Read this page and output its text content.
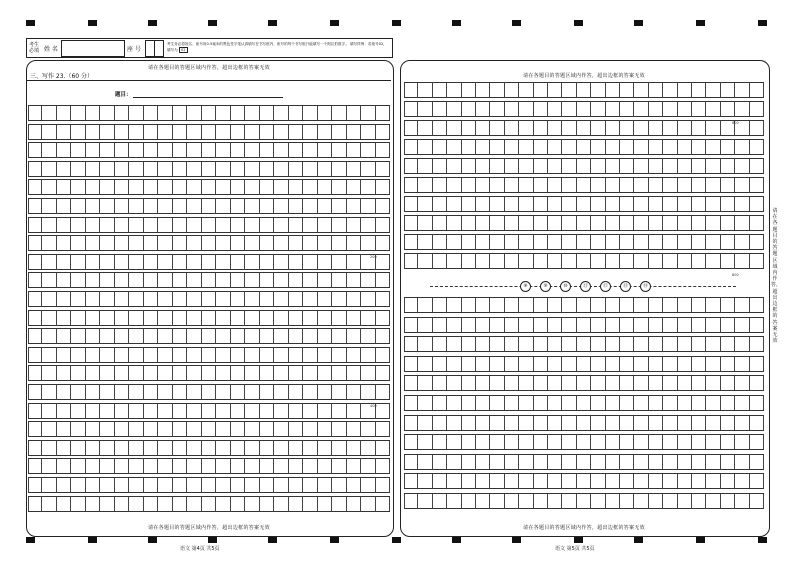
考生必填 姓 名	座 号
考生务必将姓名、座号用0.5毫米的黑色签字笔认真填写在书写框内，座号的每个书写框只能填写一个阿拉伯数字。 填写样例：若座号02，填写为 02
请在各题目的答题区域内作答，超出边框的答案无效
三、写作 23.（60 分）
题目：
200
400
请在各题目的答题区域内作答，超出边框的答案无效
请在各题目的答题区域内作答，超出边框的答案无效
600
800
⑧	⑨	⑩	⑪	⑫	⑬	⑭
请在各题目的答题区域内作答，超出边框的答案无效
请在各题目的答题区域内作答，超出边框的答案无效
语文 第4页 共5页	语文 第5页 共5页
